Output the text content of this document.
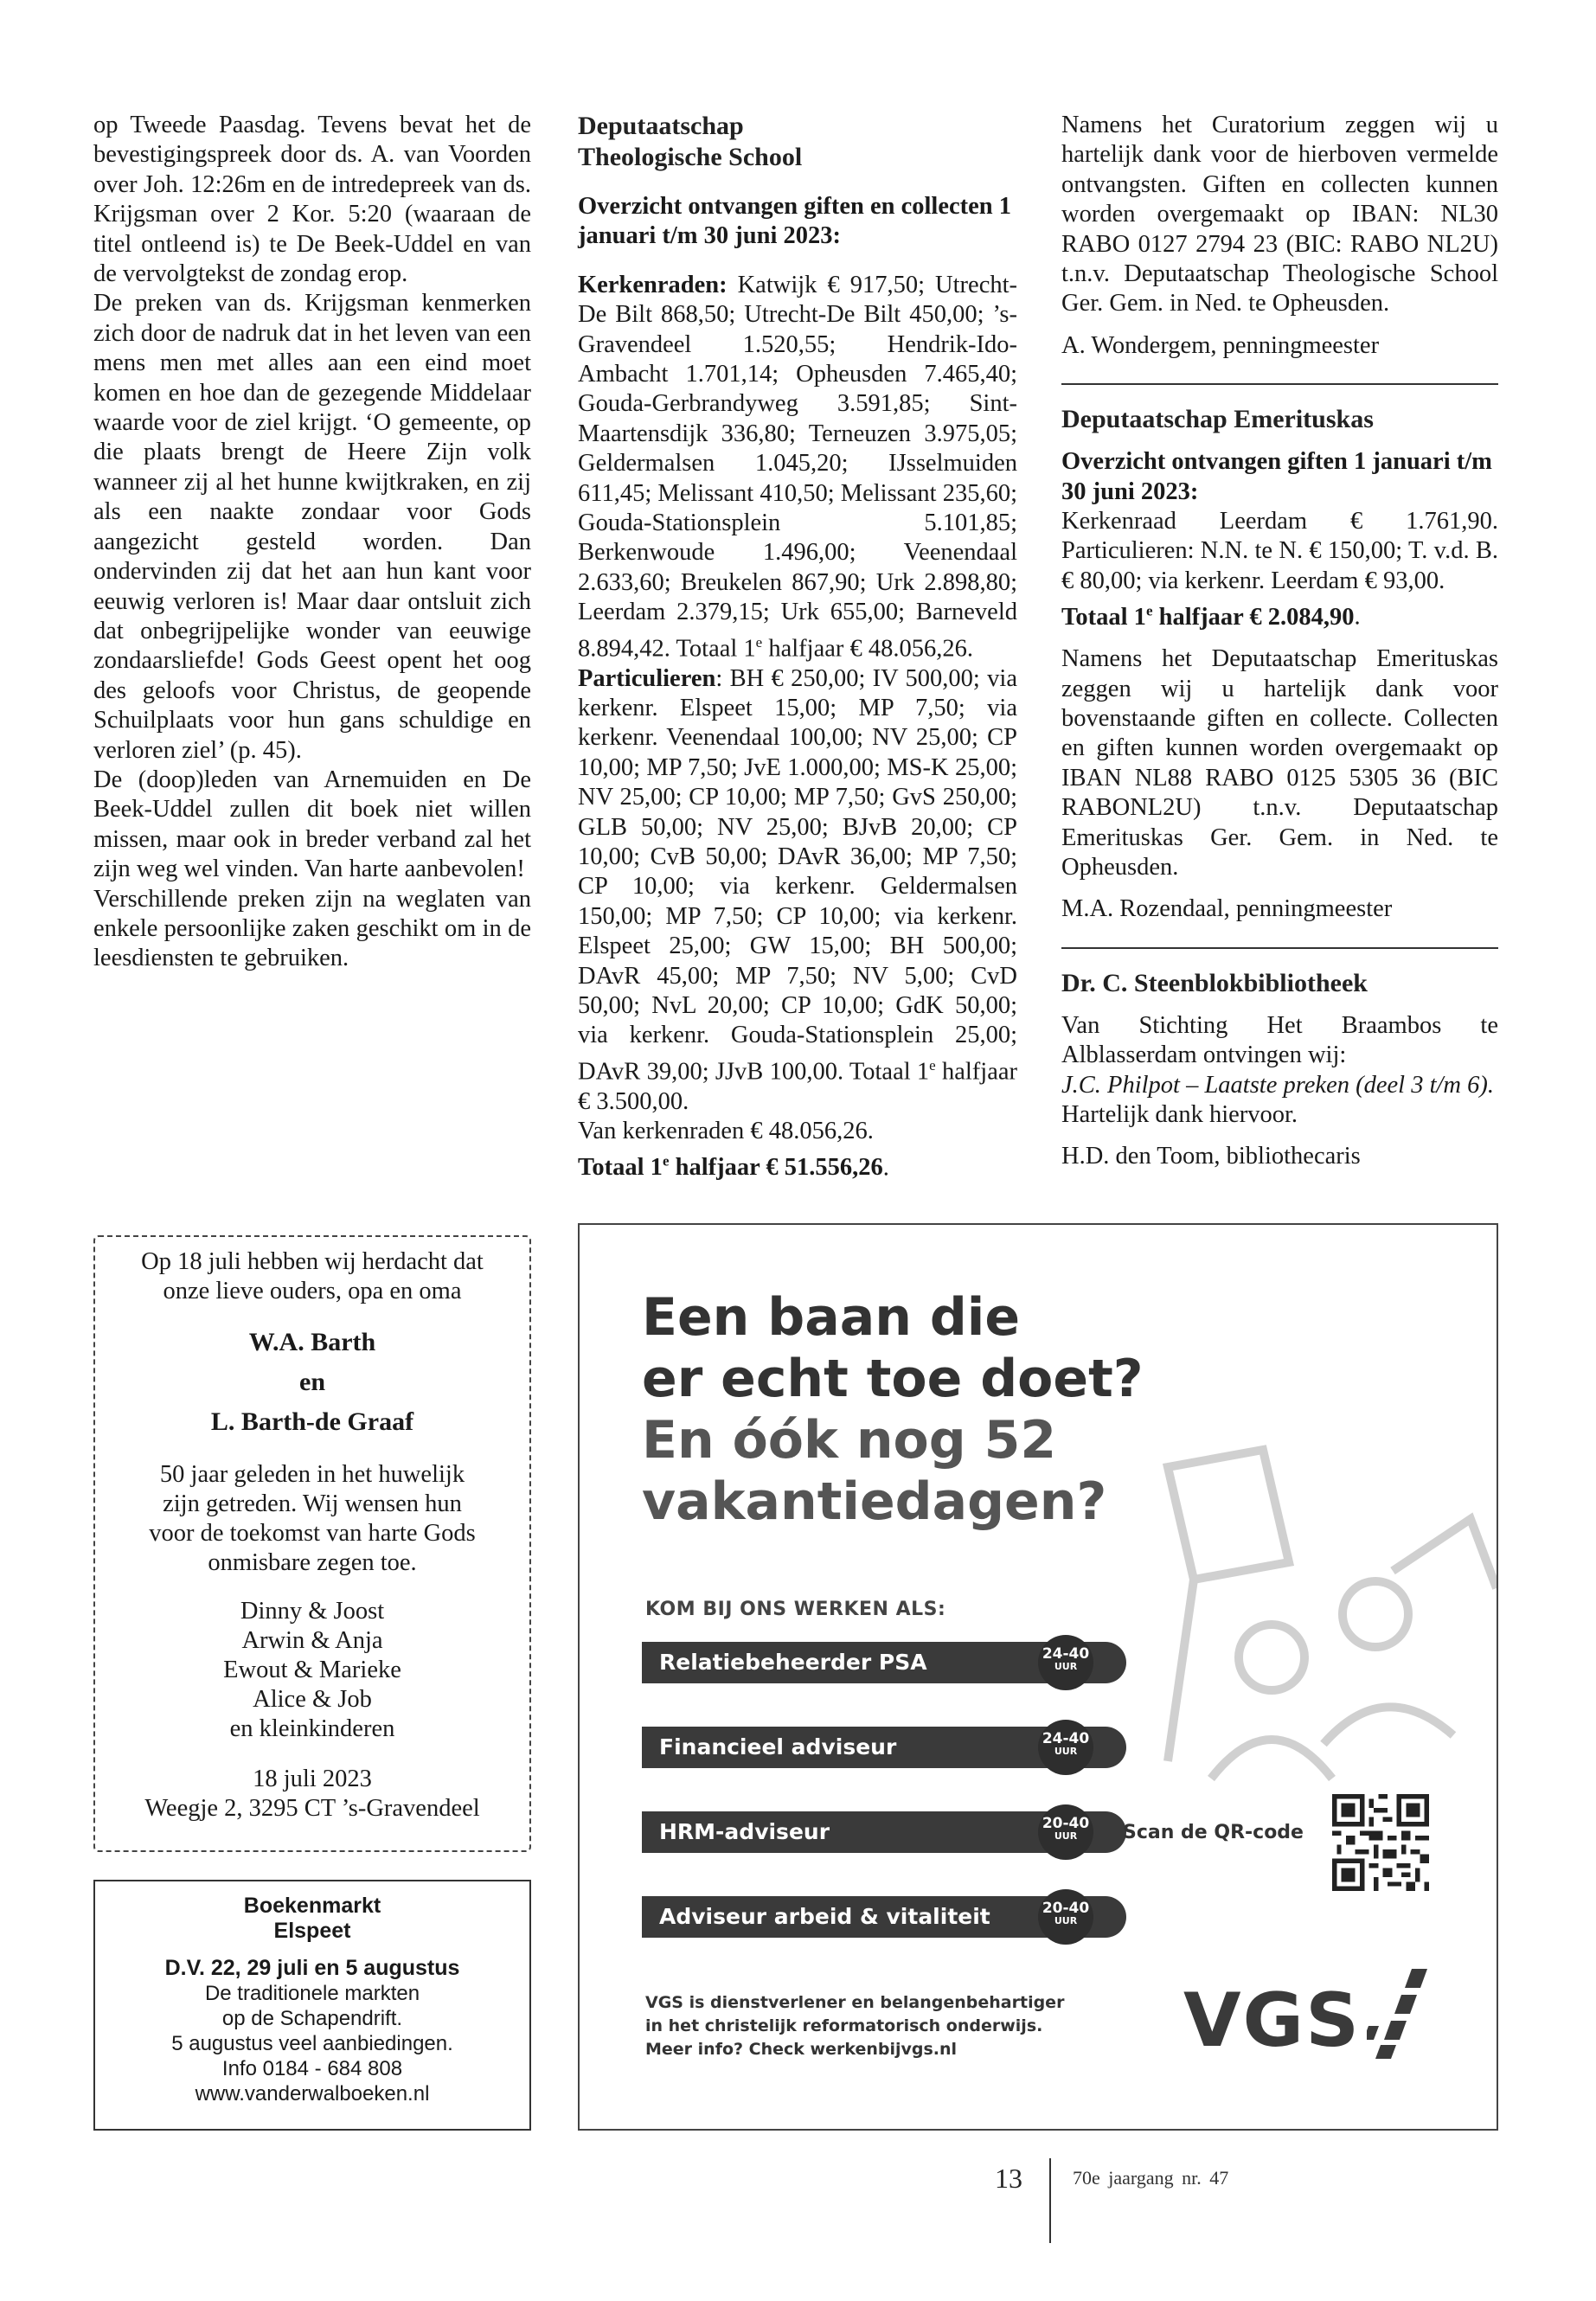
op Tweede Paasdag. Tevens bevat het de bevestigingspreek door ds. A. van Voorden over Joh. 12:26m en de intredepreek van ds. Krijgsman over 2 Kor. 5:20 (waaraan de titel ontleend is) te De Beek-Uddel en van de vervolgtekst de zondag erop.

De preken van ds. Krijgsman kenmerken zich door de nadruk dat in het leven van een mens men met alles aan een eind moet komen en hoe dan de gezegende Middelaar waarde voor de ziel krijgt. ‘O gemeente, op die plaats brengt de Heere Zijn volk wanneer zij al het hunne kwijtkraken, en zij als een naakte zondaar voor Gods aangezicht gesteld worden. Dan ondervinden zij dat het aan hun kant voor eeuwig verloren is! Maar daar ontsluit zich dat onbegrijpelijke wonder van eeuwige zondaarsliefde! Gods Geest opent het oog des geloofs voor Christus, de geopende Schuilplaats voor hun gans schuldige en verloren ziel’ (p. 45).

De (doop)leden van Arnemuiden en De Beek-Uddel zullen dit boek niet willen missen, maar ook in breder verband zal het zijn weg wel vinden. Van harte aanbevolen!

Verschillende preken zijn na weglaten van enkele persoonlijke zaken geschikt om in de leesdiensten te gebruiken.

Deputaatschap
Theologische School

Overzicht ontvangen giften en collecten 1 januari t/m 30 juni 2023:

Kerkenraden: Katwijk € 917,50; Utrecht-De Bilt 868,50; Utrecht-De Bilt 450,00; ’s-Gravendeel 1.520,55; Hendrik-Ido-Ambacht 1.701,14; Opheusden 7.465,40; Gouda-Gerbrandyweg 3.591,85; Sint-Maartensdijk 336,80; Terneuzen 3.975,05; Geldermalsen 1.045,20; IJsselmuiden 611,45; Melissant 410,50; Melissant 235,60; Gouda-Stationsplein 5.101,85; Berkenwoude 1.496,00; Veenendaal 2.633,60; Breukelen 867,90; Urk 2.898,80; Leerdam 2.379,15; Urk 655,00; Barneveld 8.894,42. Totaal 1e halfjaar € 48.056,26.

Particulieren: BH € 250,00; IV 500,00; via kerkenr. Elspeet 15,00; MP 7,50; via kerkenr. Veenendaal 100,00; NV 25,00; CP 10,00; MP 7,50; JvE 1.000,00; MS-K 25,00; NV 25,00; CP 10,00; MP 7,50; GvS 250,00; GLB 50,00; NV 25,00; BJvB 20,00; CP 10,00; CvB 50,00; DAvR 36,00; MP 7,50; CP 10,00; via kerkenr. Geldermalsen 150,00; MP 7,50; CP 10,00; via kerkenr. Elspeet 25,00; GW 15,00; BH 500,00; DAvR 45,00; MP 7,50; NV 5,00; CvD 50,00; NvL 20,00; CP 10,00; GdK 50,00; via kerkenr. Gouda-Stationsplein 25,00; DAvR 39,00; JJvB 100,00. Totaal 1e halfjaar € 3.500,00.

Van kerkenraden € 48.056,26.

Totaal 1e halfjaar € 51.556,26.

Namens het Curatorium zeggen wij u hartelijk dank voor de hierboven vermelde ontvangsten. Giften en collecten kunnen worden overgemaakt op IBAN: NL30 RABO 0127 2794 23 (BIC: RABO NL2U) t.n.v. Deputaatschap Theologische School Ger. Gem. in Ned. te Opheusden.

A. Wondergem, penningmeester

Deputaatschap Emerituskas

Overzicht ontvangen giften 1 januari t/m 30 juni 2023:

Kerkenraad Leerdam € 1.761,90. Particulieren: N.N. te N. € 150,00; T. v.d. B. € 80,00; via kerkenr. Leerdam € 93,00.

Totaal 1e halfjaar € 2.084,90.

Namens het Deputaatschap Emerituskas zeggen wij u hartelijk dank voor bovenstaande giften en collecte. Collecten en giften kunnen worden overgemaakt op IBAN NL88 RABO 0125 5305 36 (BIC RABONL2U) t.n.v. Deputaatschap Emerituskas Ger. Gem. in Ned. te Opheusden.

M.A. Rozendaal, penningmeester

Dr. C. Steenblokbibliotheek

Van Stichting Het Braambos te Alblasserdam ontvingen wij:

J.C. Philpot – Laatste preken (deel 3 t/m 6).

Hartelijk dank hiervoor.

H.D. den Toom, bibliothecaris

Op 18 juli hebben wij herdacht dat

onze lieve ouders, opa en oma

W.A. Barth

en

L. Barth-de Graaf

50 jaar geleden in het huwelijk

zijn getreden. Wij wensen hun

voor de toekomst van harte Gods

onmisbare zegen toe.

Dinny & Joost

Arwin & Anja

Ewout & Marieke

Alice & Job

en kleinkinderen

18 juli 2023

Weegje 2, 3295 CT ’s-Gravendeel

Boekenmarkt

Elspeet

D.V. 22, 29 juli en 5 augustus

De traditionele markten

op de Schapendrift.

5 augustus veel aanbiedingen.

Info 0184 - 684 808

www.vanderwalboeken.nl

Een baan die
er echt toe doet?
En óók nog 52
vakantiedagen?
KOM BIJ ONS WERKEN ALS:
Relatiebeheerder PSA	24-40
UUR
Financieel adviseur	24-40
UUR
HRM-adviseur	20-40
UUR
Adviseur arbeid & vitaliteit	20-40
UUR
Scan de QR-code
VGS is dienstverlener en belangenbehartiger
in het christelijk reformatorisch onderwijs.
Meer info? Check werkenbijvgs.nl	VGS
13	70e jaargang nr. 47
